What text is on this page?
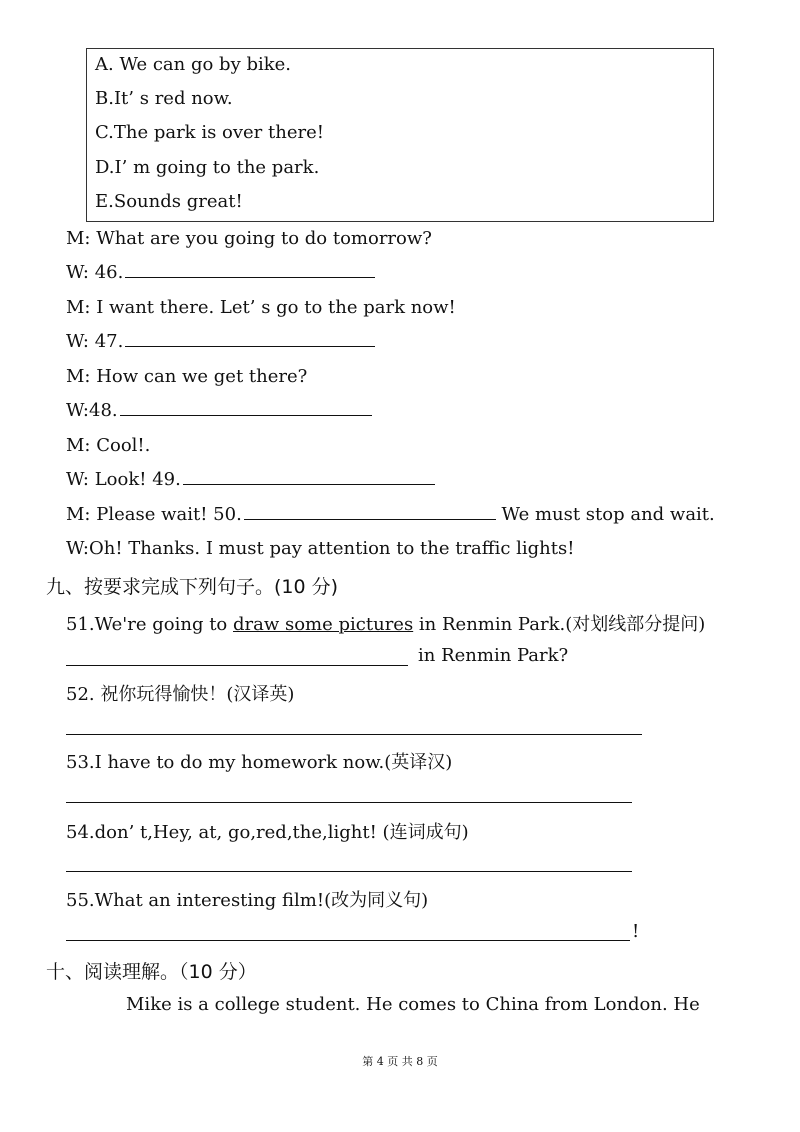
A. We can go by bike.
B.It’ s red now.
C.The park is over there!
D.I’ m going to the park.
E.Sounds great!
M: What are you going to do tomorrow?
W: 46.
M: I want there. Let’ s go to the park now!
W: 47.
M: How can we get there?
W:48.
M: Cool!.
W: Look! 49.
M: Please wait! 50.	We must stop and wait.
W:Oh! Thanks. I must pay attention to the traffic lights!
九、按要求完成下列句子。(10 分)
51.We're going to draw some pictures in Renmin Park.(对划线部分提问)
in Renmin Park?
52. 祝你玩得愉快！(汉译英)
53.I have to do my homework now.(英译汉)
54.don’ t,Hey, at, go,red,the,light! (连词成句)
55.What an interesting film!(改为同义句)
!
十、阅读理解。（10 分）
Mike is a college student. He comes to China from London. He
第 4 页 共 8 页
